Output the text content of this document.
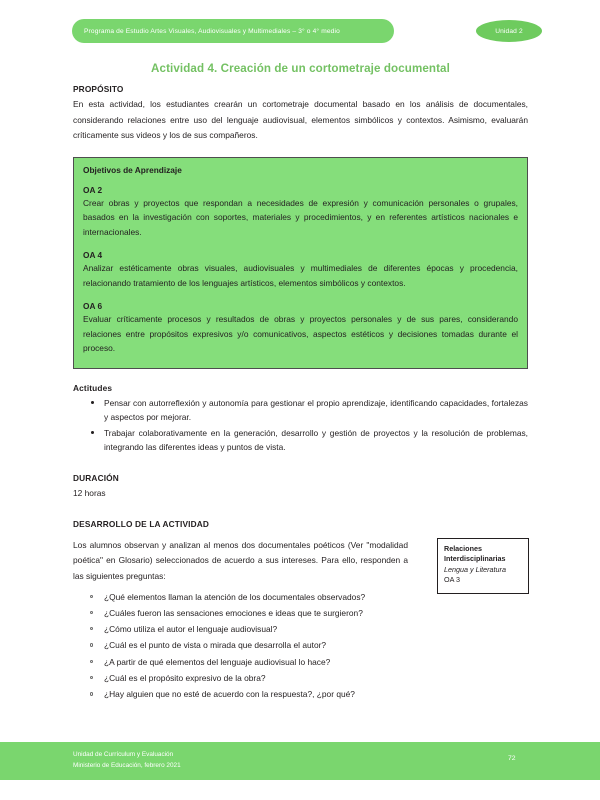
Programa de Estudio Artes Visuales, Audiovisuales y Multimediales – 3° o 4° medio	Unidad 2
Actividad 4. Creación de un cortometraje documental
PROPÓSITO

En esta actividad, los estudiantes crearán un cortometraje documental basado en los análisis de documentales, considerando relaciones entre uso del lenguaje audiovisual, elementos simbólicos y contextos. Asimismo, evaluarán críticamente sus videos y los de sus compañeros.

Objetivos de Aprendizaje
OA 2
Crear obras y proyectos que respondan a necesidades de expresión y comunicación personales o grupales, basados en la investigación con soportes, materiales y procedimientos, y en referentes artísticos nacionales e internacionales.
OA 4
Analizar estéticamente obras visuales, audiovisuales y multimediales de diferentes épocas y procedencia, relacionando tratamiento de los lenguajes artísticos, elementos simbólicos y contextos.
OA 6
Evaluar críticamente procesos y resultados de obras y proyectos personales y de sus pares, considerando relaciones entre propósitos expresivos y/o comunicativos, aspectos estéticos y decisiones tomadas durante el proceso.
Actitudes
Pensar con autorreflexión y autonomía para gestionar el propio aprendizaje, identificando capacidades, fortalezas y aspectos por mejorar.
Trabajar colaborativamente en la generación, desarrollo y gestión de proyectos y la resolución de problemas, integrando las diferentes ideas y puntos de vista.
DURACIÓN
12 horas
DESARROLLO DE LA ACTIVIDAD

Los alumnos observan y analizan al menos dos documentales poéticos (Ver "modalidad poética" en Glosario) seleccionados de acuerdo a sus intereses. Para ello, responden a las siguientes preguntas:

¿Qué elementos llaman la atención de los documentales observados?
¿Cuáles fueron las sensaciones emociones e ideas que te surgieron?
¿Cómo utiliza el autor el lenguaje audiovisual?
¿Cuál es el punto de vista o mirada que desarrolla el autor?
¿A partir de qué elementos del lenguaje audiovisual lo hace?
¿Cuál es el propósito expresivo de la obra?
¿Hay alguien que no esté de acuerdo con la respuesta?, ¿por qué?

Relaciones

Interdisciplinarias

Lengua y Literatura

OA 3

Unidad de Currículum y Evaluación
Ministerio de Educación, febrero 2021
72
